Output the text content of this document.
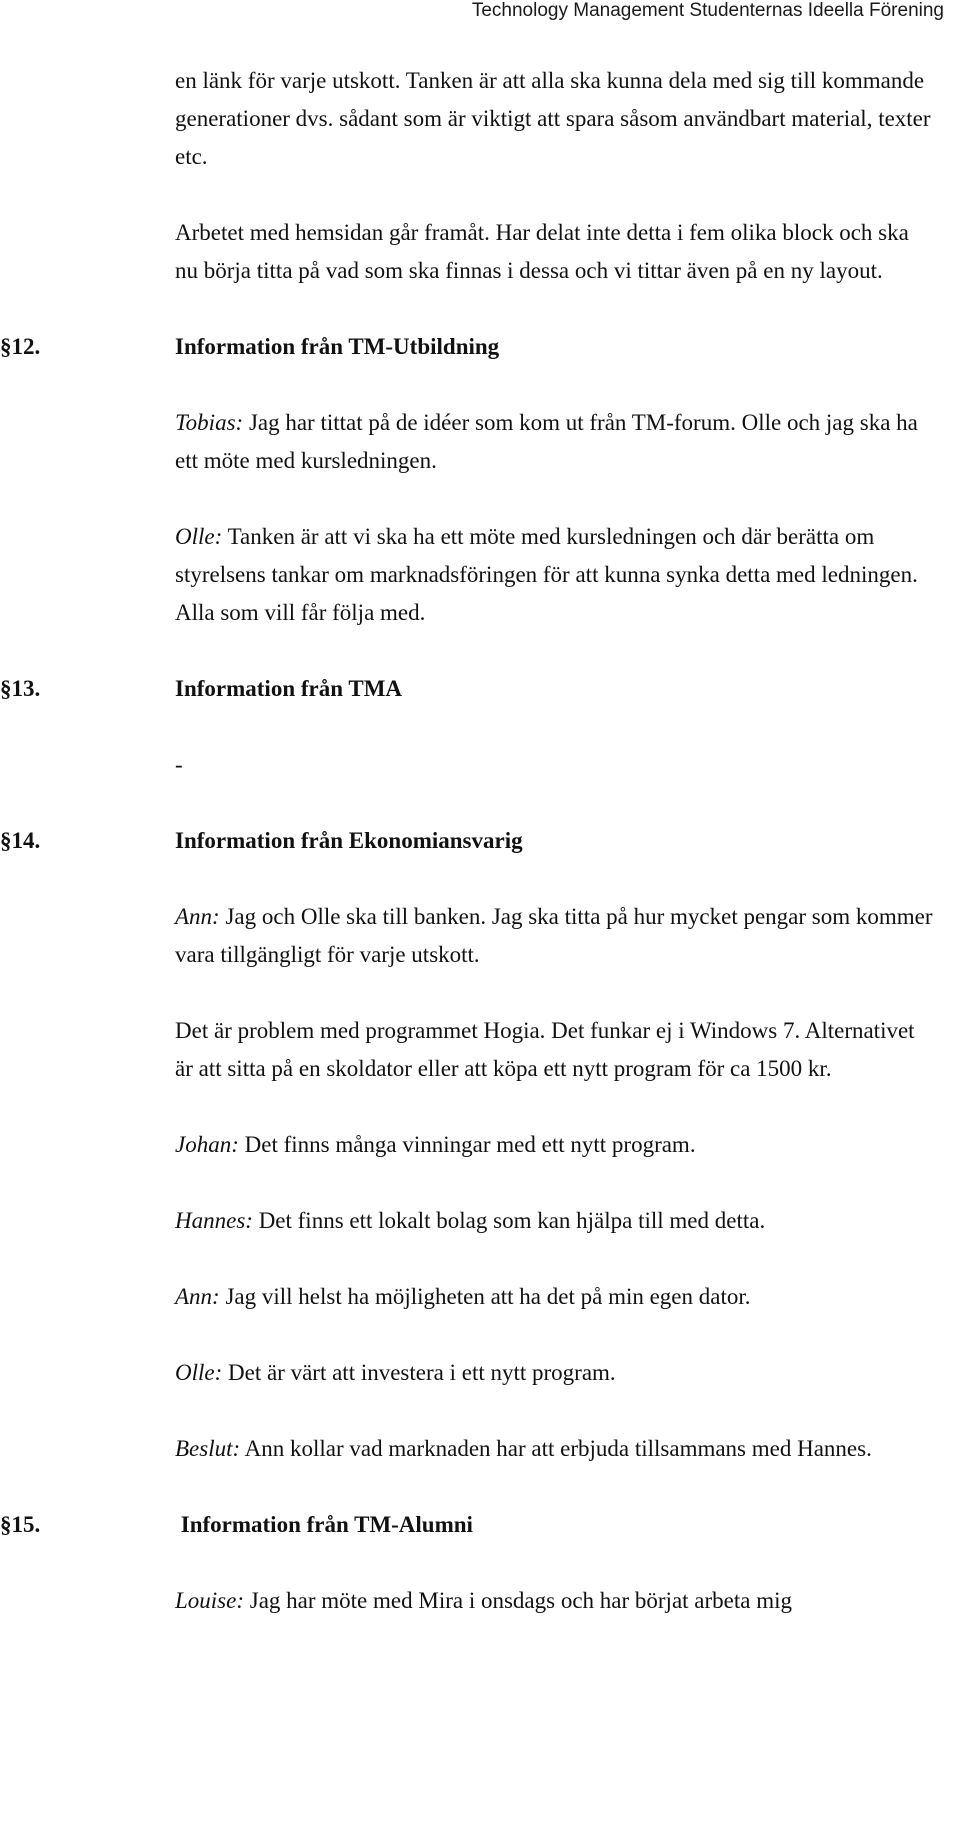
Technology Management Studenternas Ideella Förening

en länk för varje utskott. Tanken är att alla ska kunna dela med sig till kommande generationer dvs. sådant som är viktigt att spara såsom användbart material, texter etc.

Arbetet med hemsidan går framåt. Har delat inte detta i fem olika block och ska nu börja titta på vad som ska finnas i dessa och vi tittar även på en ny layout.

§12.	Information från TM-Utbildning

Tobias: Jag har tittat på de idéer som kom ut från TM-forum. Olle och jag ska ha ett möte med kursledningen.

Olle: Tanken är att vi ska ha ett möte med kursledningen och där berätta om styrelsens tankar om marknadsföringen för att kunna synka detta med ledningen. Alla som vill får följa med.

§13.	Information från TMA

-

§14.	Information från Ekonomiansvarig

Ann: Jag och Olle ska till banken. Jag ska titta på hur mycket pengar som kommer vara tillgängligt för varje utskott.

Det är problem med programmet Hogia. Det funkar ej i Windows 7. Alternativet är att sitta på en skoldator eller att köpa ett nytt program för ca 1500 kr.

Johan: Det finns många vinningar med ett nytt program.

Hannes: Det finns ett lokalt bolag som kan hjälpa till med detta.

Ann: Jag vill helst ha möjligheten att ha det på min egen dator.

Olle: Det är värt att investera i ett nytt program.

Beslut: Ann kollar vad marknaden har att erbjuda tillsammans med Hannes.

§15.	Information från TM-Alumni

Louise: Jag har möte med Mira i onsdags och har börjat arbeta mig
